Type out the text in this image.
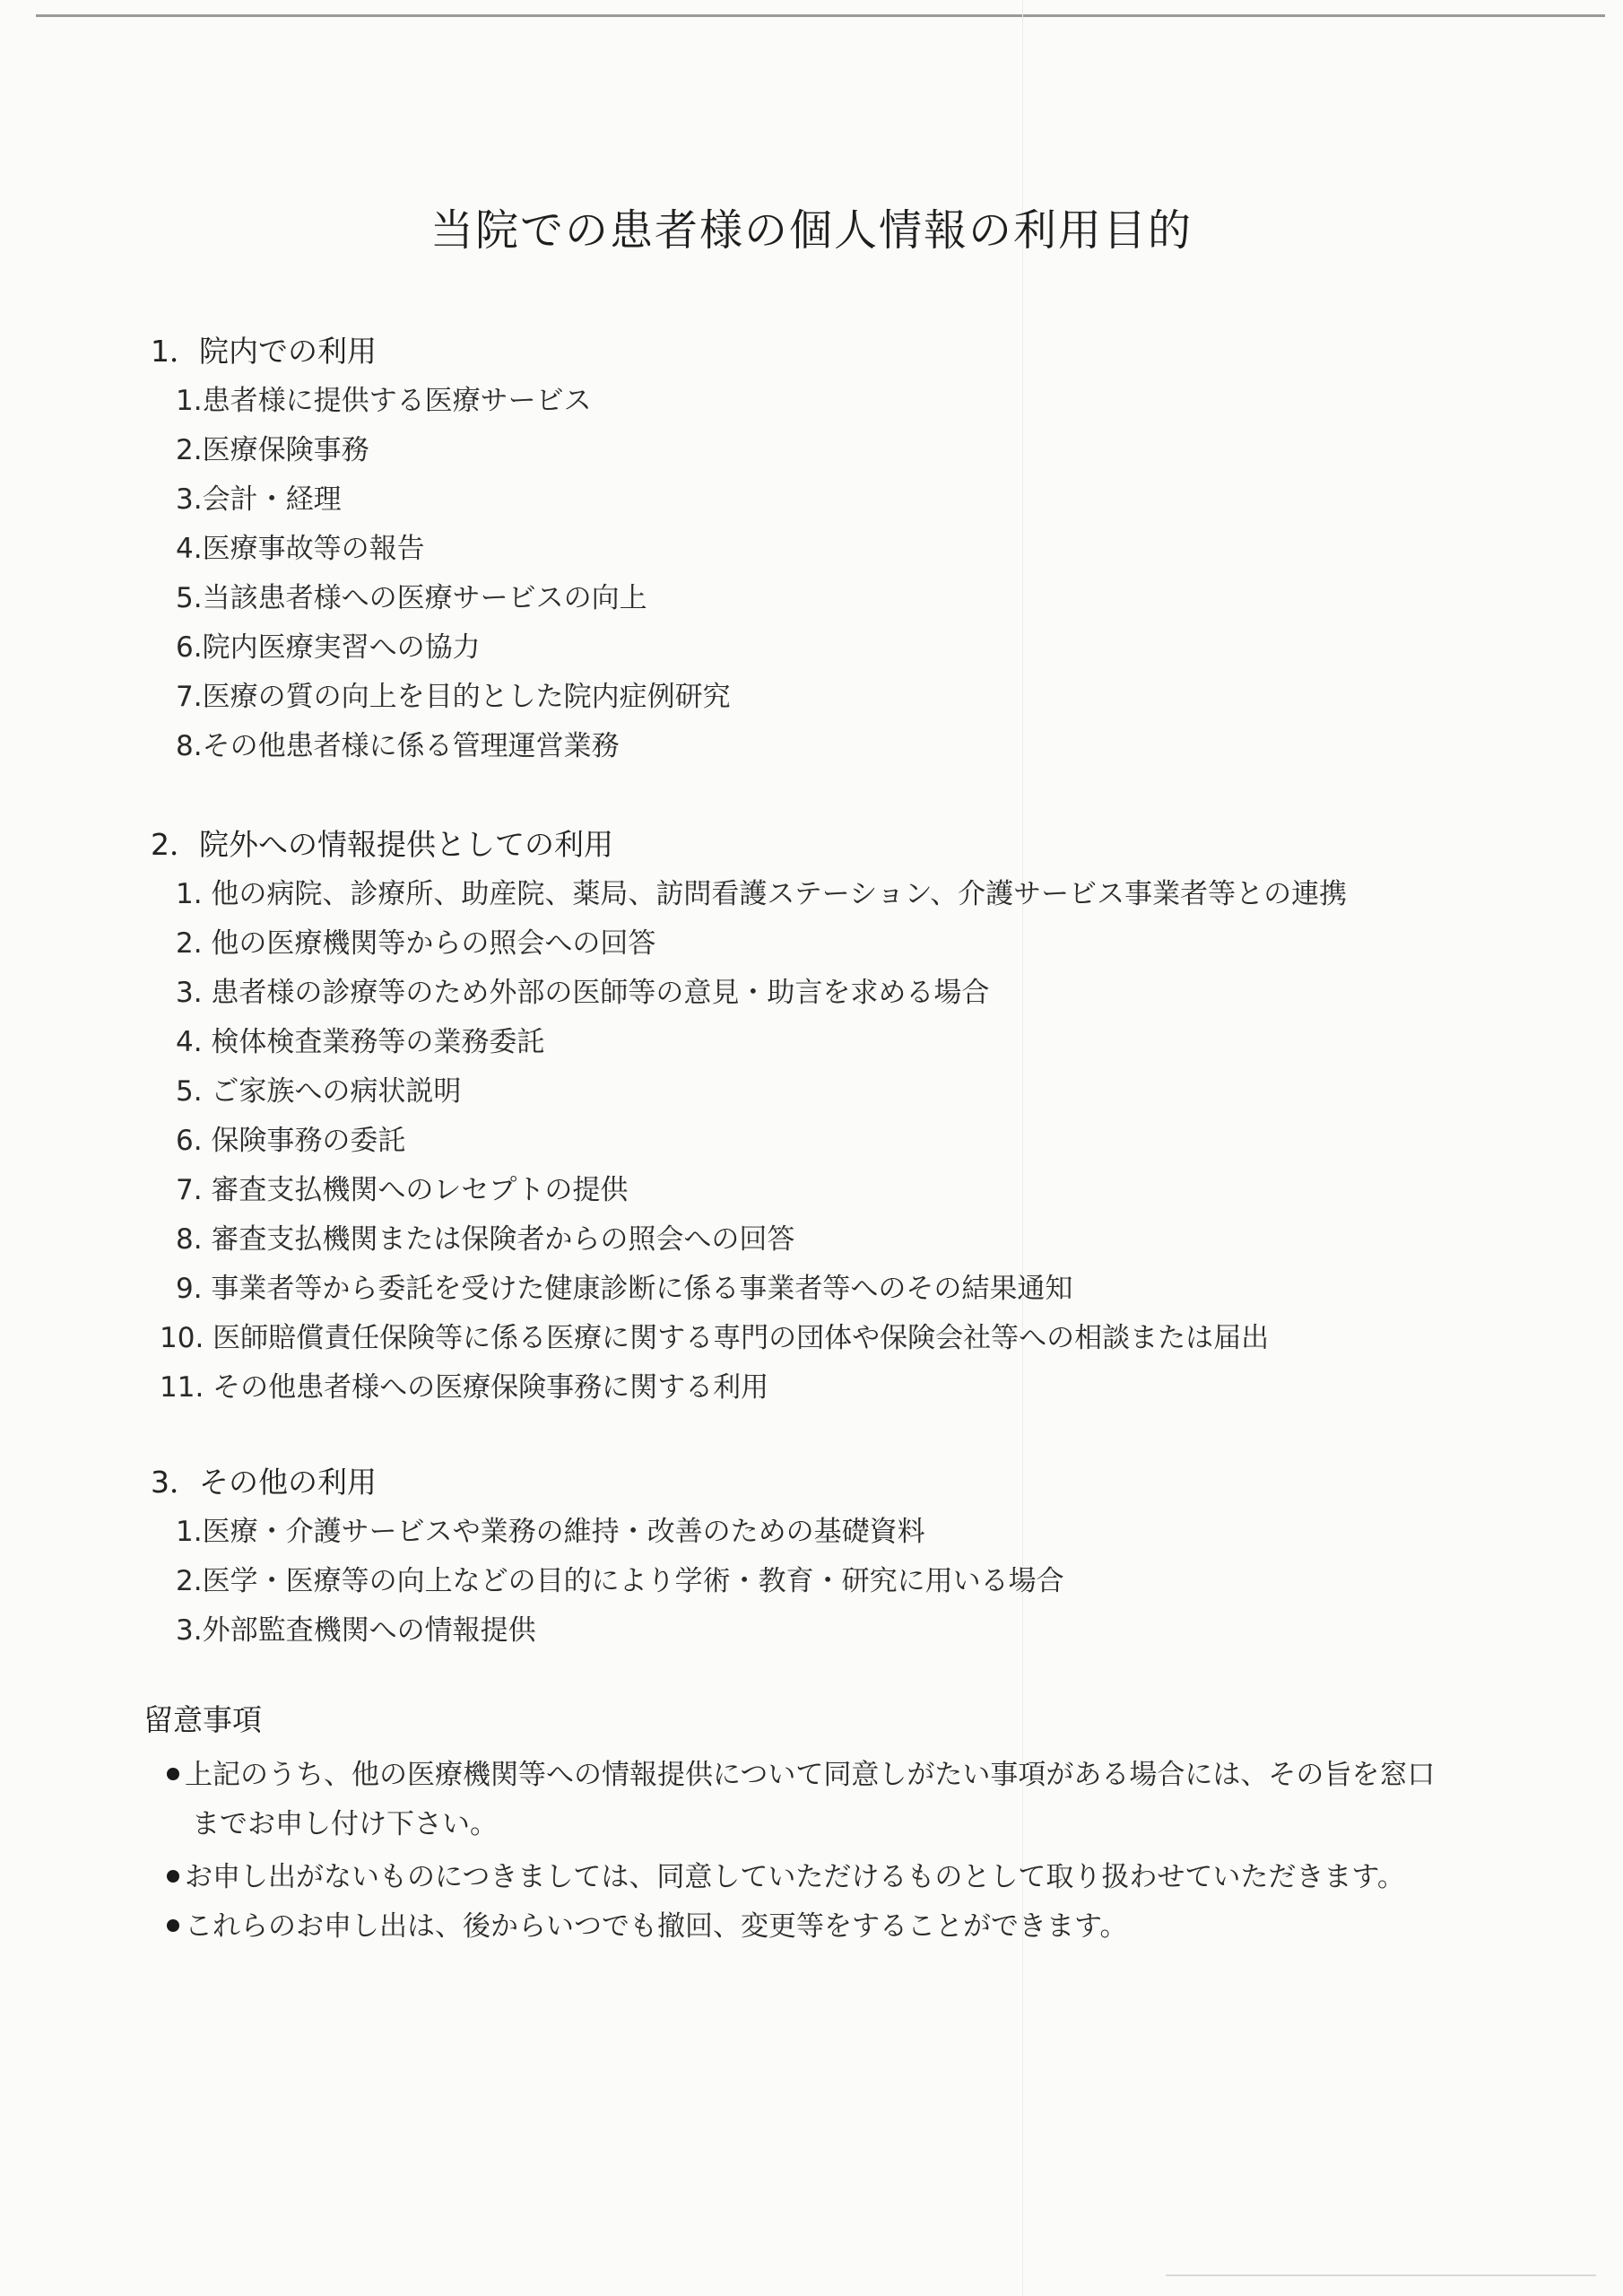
当院での患者様の個人情報の利用目的
1．院内での利用
1.患者様に提供する医療サービス
2.医療保険事務
3.会計・経理
4.医療事故等の報告
5.当該患者様への医療サービスの向上
6.院内医療実習への協力
7.医療の質の向上を目的とした院内症例研究
8.その他患者様に係る管理運営業務
2．院外への情報提供としての利用
1. 他の病院、診療所、助産院、薬局、訪問看護ステーション、介護サービス事業者等との連携
2. 他の医療機関等からの照会への回答
3. 患者様の診療等のため外部の医師等の意見・助言を求める場合
4. 検体検査業務等の業務委託
5. ご家族への病状説明
6. 保険事務の委託
7. 審査支払機関へのレセプトの提供
8. 審査支払機関または保険者からの照会への回答
9. 事業者等から委託を受けた健康診断に係る事業者等へのその結果通知
10. 医師賠償責任保険等に係る医療に関する専門の団体や保険会社等への相談または届出
11. その他患者様への医療保険事務に関する利用
3．その他の利用
1.医療・介護サービスや業務の維持・改善のための基礎資料
2.医学・医療等の向上などの目的により学術・教育・研究に用いる場合
3.外部監査機関への情報提供
留意事項
上記のうち、他の医療機関等への情報提供について同意しがたい事項がある場合には、その旨を窓口
までお申し付け下さい。
お申し出がないものにつきましては、同意していただけるものとして取り扱わせていただきます。
これらのお申し出は、後からいつでも撤回、変更等をすることができます。
